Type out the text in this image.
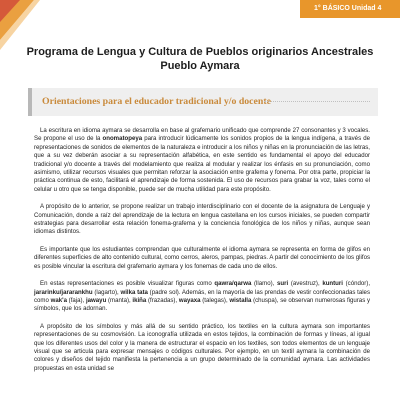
1° BÁSICO Unidad 4
Programa de Lengua y Cultura de Pueblos originarios Ancestrales
Pueblo Aymara
Orientaciones para el educador tradicional y/o docente

La escritura en idioma aymara se desarrolla en base al grafemario unificado que comprende 27 consonantes y 3 vocales. Se propone el uso de la onomatopeya para introducir lúdicamente los sonidos propios de la lengua indígena, a través de representaciones de sonidos de elementos de la naturaleza e introducir a los niños y niñas en la pronunciación de las letras, que a su vez deberán asociar a su representación alfabética, en este sentido es fundamental el apoyo del educador tradicional y/o docente a través del modelamiento que realiza al modular y realizar los énfasis en su pronunciación, como asimismo, utilizar recursos visuales que permitan reforzar la asociación entre grafema y fonema. Por otra parte, propiciar la práctica continua de esto, facilitará el aprendizaje de forma sostenida. El uso de recursos para grabar la voz, tales como el celular u otro que se tenga disponible, puede ser de mucha utilidad para este propósito.

A propósito de lo anterior, se propone realizar un trabajo interdisciplinario con el docente de la asignatura de Lenguaje y Comunicación, donde a raíz del aprendizaje de la lectura en lengua castellana en los cursos iniciales, se pueden compartir estrategias para desarrollar esta relación fonema-grafema y la conciencia fonológica de los niños y niñas, aunque sean idiomas distintos.

Es importante que los estudiantes comprendan que culturalmente el idioma aymara se representa en forma de glifos en diferentes superficies de alto contenido cultural, como cerros, aleros, pampas, piedras. A partir del conocimiento de los glifos es posible vincular la escritura del grafemario aymara y los fonemas de cada uno de ellos.

En estas representaciones es posible visualizar figuras como qawra/qarwa (llamo), suri (avestruz), kunturi (cóndor), jararinku/jararankhu (lagarto), wilka tata (padre sol). Además, en la mayoría de las prendas de vestir confeccionadas tales como wak'a (faja), jawayu (manta), ikiña (frazadas), wayaxa (talegas), wistalla (chuspa), se observan numerosas figuras y símbolos, que los adornan.

A propósito de los símbolos y más allá de su sentido práctico, los textiles en la cultura aymara son importantes representaciones de su cosmovisión. La iconografía utilizada en estos tejidos, la combinación de formas y líneas, al igual que los diferentes usos del color y la manera de estructurar el espacio en los textiles, son todos elementos de un lenguaje visual que se articula para expresar mensajes o códigos culturales. Por ejemplo, en un textil aymara la combinación de colores y diseños del tejido manifiesta la pertenencia a un grupo determinado de la comunidad aymara. Las actividades propuestas en esta unidad se
